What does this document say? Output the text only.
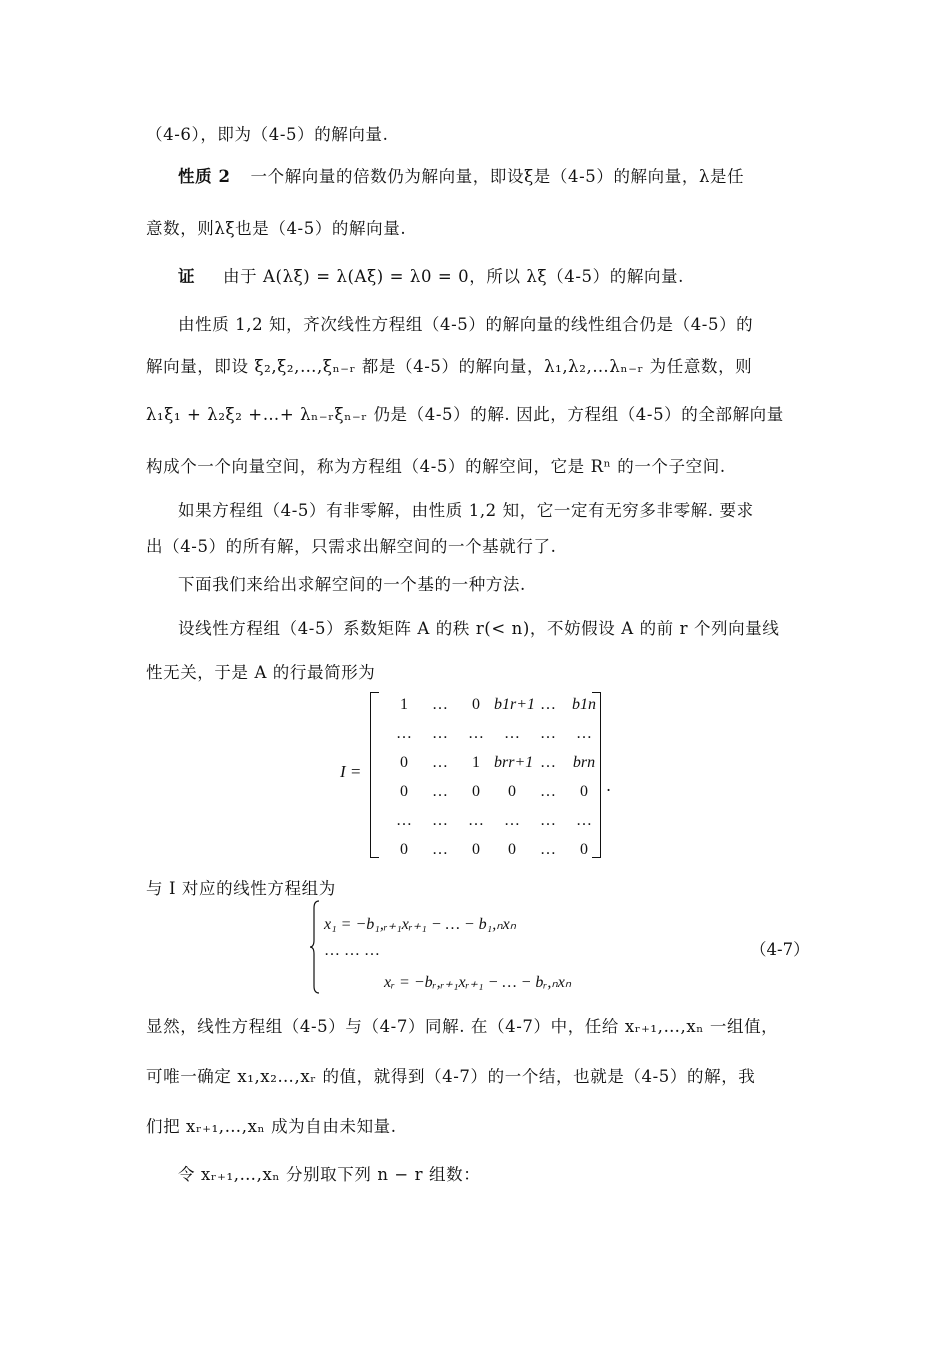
（4-6），即为（4-5）的解向量.
性质 2 一个解向量的倍数仍为解向量，即设ξ是（4-5）的解向量，λ是任
意数，则λξ也是（4-5）的解向量.
证 由于 A(λξ) = λ(Aξ) = λ0 = 0，所以 λξ（4-5）的解向量.
由性质 1,2 知，齐次线性方程组（4-5）的解向量的线性组合仍是（4-5）的
解向量，即设 ξ₂,ξ₂,…,ξₙ₋ᵣ 都是（4-5）的解向量，λ₁,λ₂,…λₙ₋ᵣ 为任意数，则
λ₁ξ₁ + λ₂ξ₂ +…+ λₙ₋ᵣξₙ₋ᵣ 仍是（4-5）的解. 因此，方程组（4-5）的全部解向量
构成个一个向量空间，称为方程组（4-5）的解空间，它是 Rⁿ 的一个子空间.
如果方程组（4-5）有非零解，由性质 1,2 知，它一定有无穷多非零解. 要求
出（4-5）的所有解，只需求出解空间的一个基就行了.
下面我们来给出求解空间的一个基的一种方法.
设线性方程组（4-5）系数矩阵 A 的秩 r(< n)，不妨假设 A 的前 r 个列向量线
性无关，于是 A 的行最简形为
I =
1	…	0 b1r+1 …	b1n
…	…	…	…	…	…
0	…	1 brr+1 …	brn
0	…	0	0	…	0
…	…	…	…	…	…
0	…	0	0	…	0
.
与 I 对应的线性方程组为
x₁ = −b₁,ᵣ₊₁xᵣ₊₁ − … − b₁,ₙxₙ
… … …
xᵣ = −bᵣ,ᵣ₊₁xᵣ₊₁ − … − bᵣ,ₙxₙ
（4-7）
显然，线性方程组（4-5）与（4-7）同解. 在（4-7）中，任给 xᵣ₊₁,…,xₙ 一组值，
可唯一确定 x₁,x₂…,xᵣ 的值，就得到（4-7）的一个结，也就是（4-5）的解，我
们把 xᵣ₊₁,…,xₙ 成为自由未知量.
令 xᵣ₊₁,…,xₙ 分别取下列 n − r 组数：
